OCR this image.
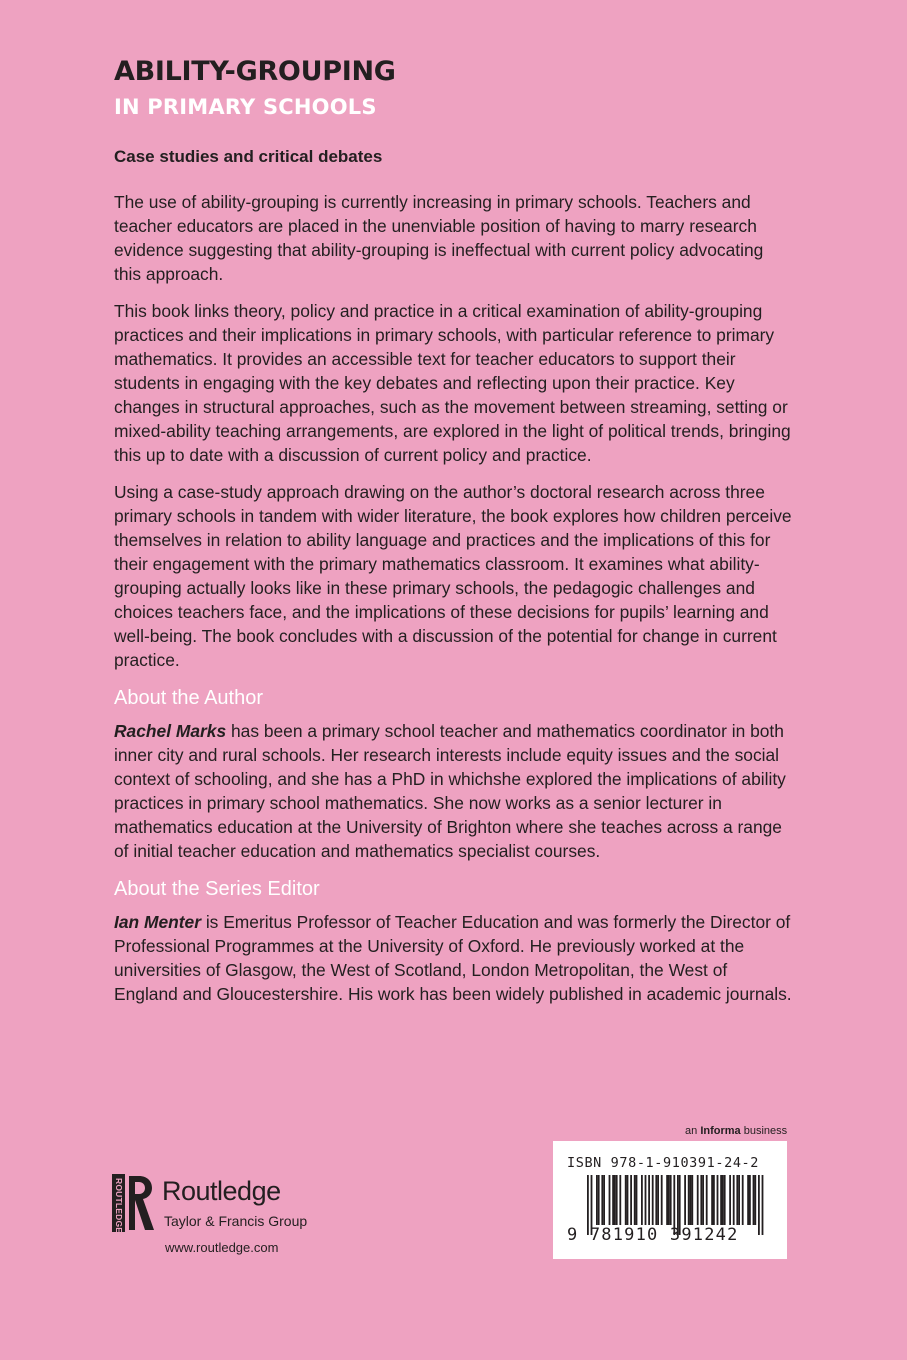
ABILITY-GROUPING
IN PRIMARY SCHOOLS

Case studies and critical debates

The use of ability-grouping is currently increasing in primary schools. Teachers and teacher educators are placed in the unenviable position of having to marry research evidence suggesting that ability-grouping is ineffectual with current policy advocating this approach.

This book links theory, policy and practice in a critical examination of ability-grouping practices and their implications in primary schools, with particular reference to primary mathematics. It provides an accessible text for teacher educators to support their students in engaging with the key debates and reflecting upon their practice. Key changes in structural approaches, such as the movement between streaming, setting or mixed-ability teaching arrangements, are explored in the light of political trends, bringing this up to date with a discussion of current policy and practice.

Using a case-study approach drawing on the author’s doctoral research across three primary schools in tandem with wider literature, the book explores how children perceive themselves in relation to ability language and practices and the implications of this for their engagement with the primary mathematics classroom. It examines what ability-grouping actually looks like in these primary schools, the pedagogic challenges and choices teachers face, and the implications of these decisions for pupils’ learning and well-being. The book concludes with a discussion of the potential for change in current practice.

About the Author

Rachel Marks has been a primary school teacher and mathematics coordinator in both inner city and rural schools. Her research interests include equity issues and the social context of schooling, and she has a PhD in whichshe explored the implications of ability practices in primary school mathematics. She now works as a senior lecturer in mathematics education at the University of Brighton where she teaches across a range of initial teacher education and mathematics specialist courses.

About the Series Editor

Ian Menter is Emeritus Professor of Teacher Education and was formerly the Director of Professional Programmes at the University of Oxford. He previously worked at the universities of Glasgow, the West of Scotland, London Metropolitan, the West of England and Gloucestershire. His work has been widely published in academic journals.

an Informa business
ISBN 978-1-910391-24-2
9 781910 391242
ROUTLEDGE Routledge
Taylor & Francis Group
www.routledge.com
